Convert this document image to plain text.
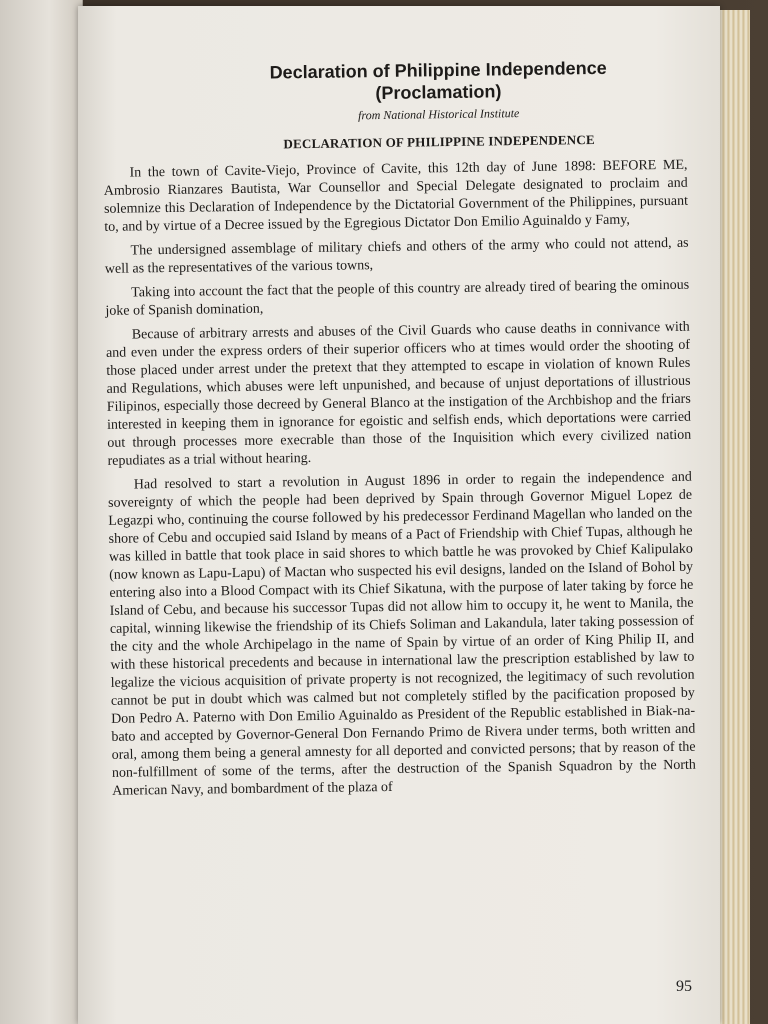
Declaration of Philippine Independence

(Proclamation)

from National Historical Institute

DECLARATION OF PHILIPPINE INDEPENDENCE

In the town of Cavite-Viejo, Province of Cavite, this 12th day of June 1898: BEFORE ME, Ambrosio Rianzares Bautista, War Counsellor and Special Delegate designated to proclaim and solemnize this Declaration of Independence by the Dictatorial Government of the Philippines, pursuant to, and by virtue of a Decree issued by the Egregious Dictator Don Emilio Aguinaldo y Famy,

The undersigned assemblage of military chiefs and others of the army who could not attend, as well as the representatives of the various towns,

Taking into account the fact that the people of this country are already tired of bearing the ominous joke of Spanish domination,

Because of arbitrary arrests and abuses of the Civil Guards who cause deaths in connivance with and even under the express orders of their superior officers who at times would order the shooting of those placed under arrest under the pretext that they attempted to escape in violation of known Rules and Regulations, which abuses were left unpunished, and because of unjust deportations of illustrious Filipinos, especially those decreed by General Blanco at the instigation of the Archbishop and the friars interested in keeping them in ignorance for egoistic and selfish ends, which deportations were carried out through processes more execrable than those of the Inquisition which every civilized nation repudiates as a trial without hearing.

Had resolved to start a revolution in August 1896 in order to regain the independence and sovereignty of which the people had been deprived by Spain through Governor Miguel Lopez de Legazpi who, continuing the course followed by his predecessor Ferdinand Magellan who landed on the shore of Cebu and occupied said Island by means of a Pact of Friendship with Chief Tupas, although he was killed in battle that took place in said shores to which battle he was provoked by Chief Kalipulako (now known as Lapu-Lapu) of Mactan who suspected his evil designs, landed on the Island of Bohol by entering also into a Blood Compact with its Chief Sikatuna, with the purpose of later taking by force he Island of Cebu, and because his successor Tupas did not allow him to occupy it, he went to Manila, the capital, winning likewise the friendship of its Chiefs Soliman and Lakandula, later taking possession of the city and the whole Archipelago in the name of Spain by virtue of an order of King Philip II, and with these historical precedents and because in international law the prescription established by law to legalize the vicious acquisition of private property is not recognized, the legitimacy of such revolution cannot be put in doubt which was calmed but not completely stifled by the pacification proposed by Don Pedro A. Paterno with Don Emilio Aguinaldo as President of the Republic established in Biak-na-bato and accepted by Governor-General Don Fernando Primo de Rivera under terms, both written and oral, among them being a general amnesty for all deported and convicted persons; that by reason of the non-fulfillment of some of the terms, after the destruction of the Spanish Squadron by the North American Navy, and bombardment of the plaza of

95
